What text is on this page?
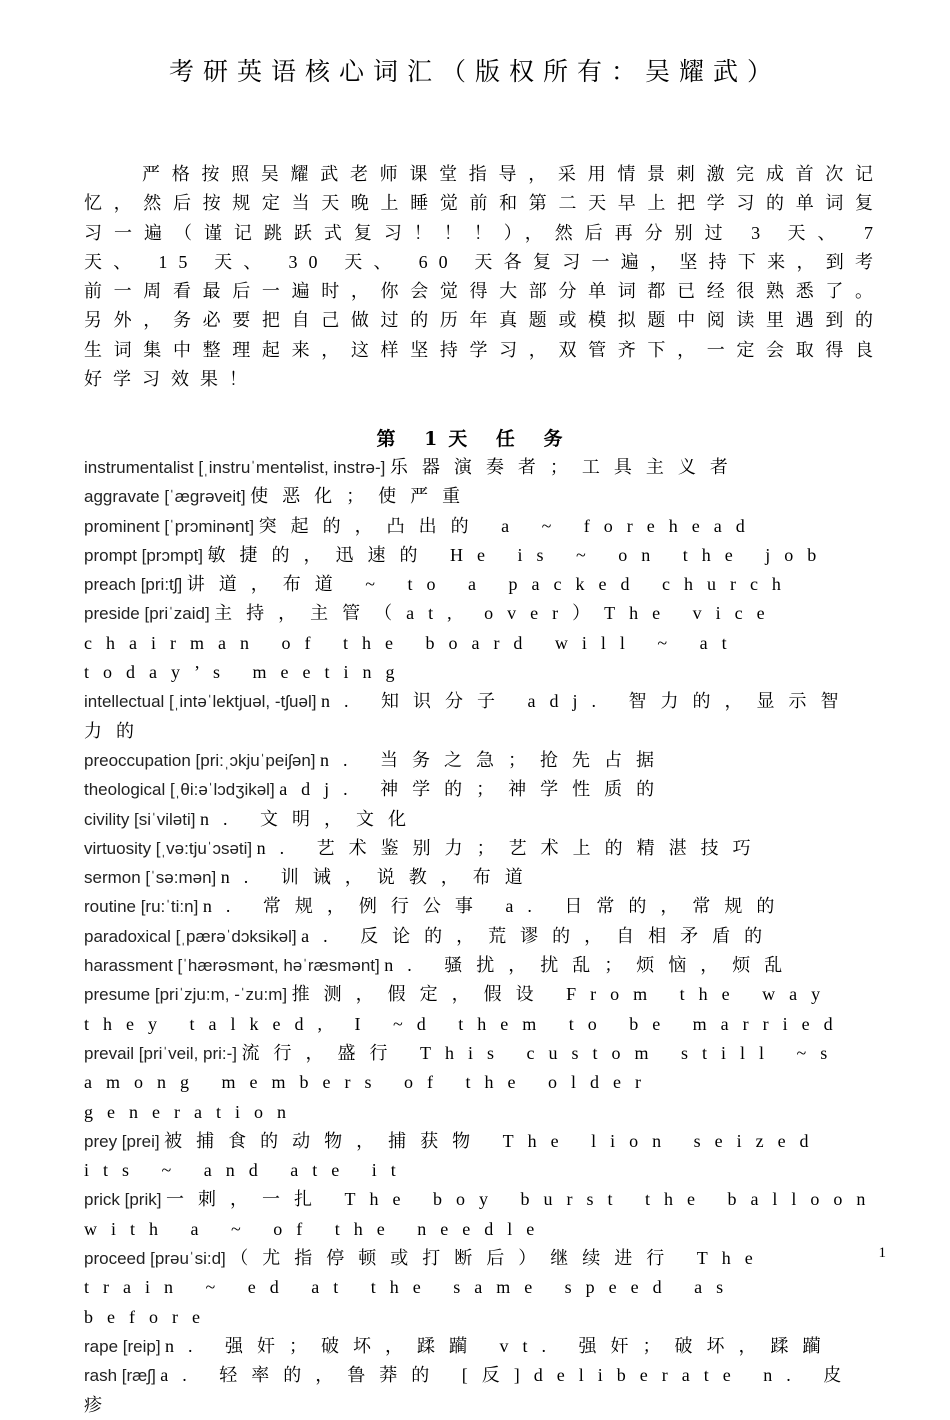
考研英语核心词汇（版权所有：吴耀武）
严格按照吴耀武老师课堂指导，采用情景刺激完成首次记忆，然后按规定当天晚上睡觉前和第二天早上把学习的单词复习一遍（谨记跳跃式复习！！！），然后再分别过 3 天、 7 天、 15 天、 30 天、 60 天各复习一遍，坚持下来，到考前一周看最后一遍时，你会觉得大部分单词都已经很熟悉了。另外，务必要把自己做过的历年真题或模拟题中阅读里遇到的生词集中整理起来，这样坚持学习，双管齐下，一定会取得良好学习效果！
第 1天 任 务
instrumentalist [ˌinstruˈmentəlist, instrə-] 乐器演奏者；工具主义者
aggravate [ˈæɡrəveit] 使恶化；使严重
prominent [ˈprɔminənt] 突起的，凸出的 a ~ forehead
prompt [prɔmpt] 敏捷的，迅速的 He is ~ on the job
preach [pri:tʃ] 讲道，布道 ~ to a packed church
preside [priˈzaid] 主持，主管（at, over）The vice chairman of the board will ~ at today’s meeting
intellectual [ˌintəˈlektjuəl, -tʃuəl] n. 知识分子 adj. 智力的，显示智力的
preoccupation [pri:ˌɔkjuˈpeiʃən] n. 当务之急；抢先占据
theological [ˌθi:əˈlɔdʒikəl] adj. 神学的；神学性质的
civility [siˈviləti] n. 文明，文化
virtuosity [ˌvə:tjuˈɔsəti] n. 艺术鉴别力；艺术上的精湛技巧
sermon [ˈsə:mən] n. 训诫，说教，布道
routine [ru:ˈti:n] n. 常规，例行公事 a. 日常的，常规的
paradoxical [ˌpærəˈdɔksikəl] a. 反论的，荒谬的，自相矛盾的
harassment [ˈhærəsmənt, həˈræsmənt] n. 骚扰，扰乱；烦恼，烦乱
presume [priˈzju:m, -ˈzu:m] 推测，假定，假设 From the way they talked, I ~d them to be married
prevail [priˈveil, pri:-] 流行，盛行 This custom still ~s among members of the older generation
prey [prei] 被捕食的动物，捕获物 The lion seized its ~ and ate it
prick [prik] 一刺，一扎 The boy burst the balloon with a ~ of the needle
proceed [prəuˈsi:d] （尤指停顿或打断后）继续进行 The train ~ ed at the same speed as before
rape [reip] n. 强奸；破坏，蹂躏 vt. 强奸；破坏，蹂躏
rash [ræʃ] a. 轻率的，鲁莽的 [反]deliberate n. 皮疹
1
